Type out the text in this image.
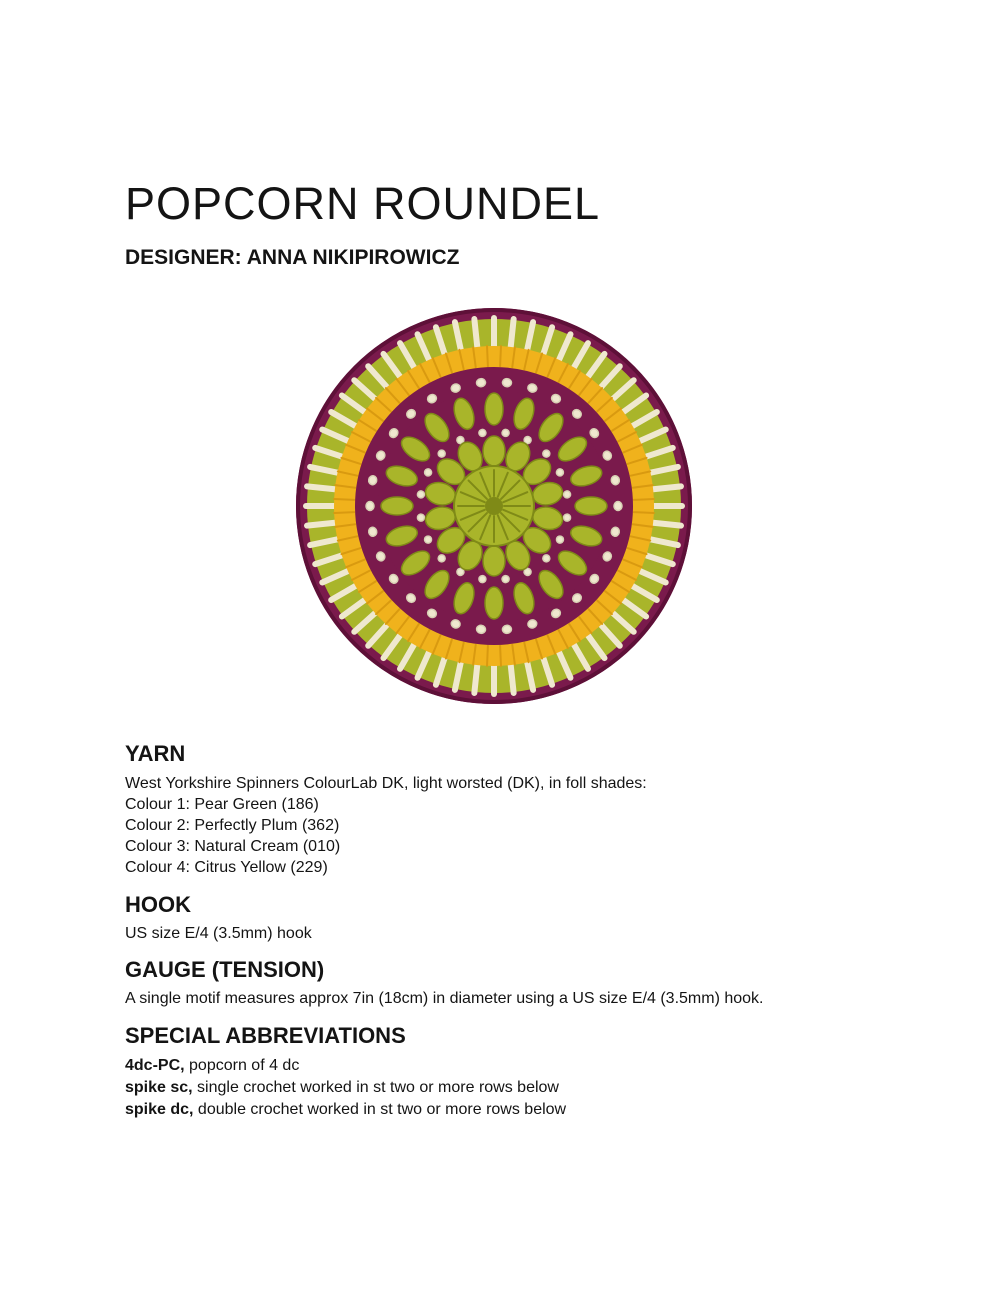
POPCORN ROUNDEL
DESIGNER: ANNA NIKIPIROWICZ
YARN
West Yorkshire Spinners ColourLab DK, light worsted (DK), in foll shades:
Colour 1: Pear Green (186)
Colour 2: Perfectly Plum (362)
Colour 3: Natural Cream (010)
Colour 4: Citrus Yellow (229)
HOOK
US size E/4 (3.5mm) hook
GAUGE (TENSION)
A single motif measures approx 7in (18cm) in diameter using a US size E/4 (3.5mm) hook.
SPECIAL ABBREVIATIONS
4dc-PC, popcorn of 4 dc
spike sc, single crochet worked in st two or more rows below
spike dc, double crochet worked in st two or more rows below
